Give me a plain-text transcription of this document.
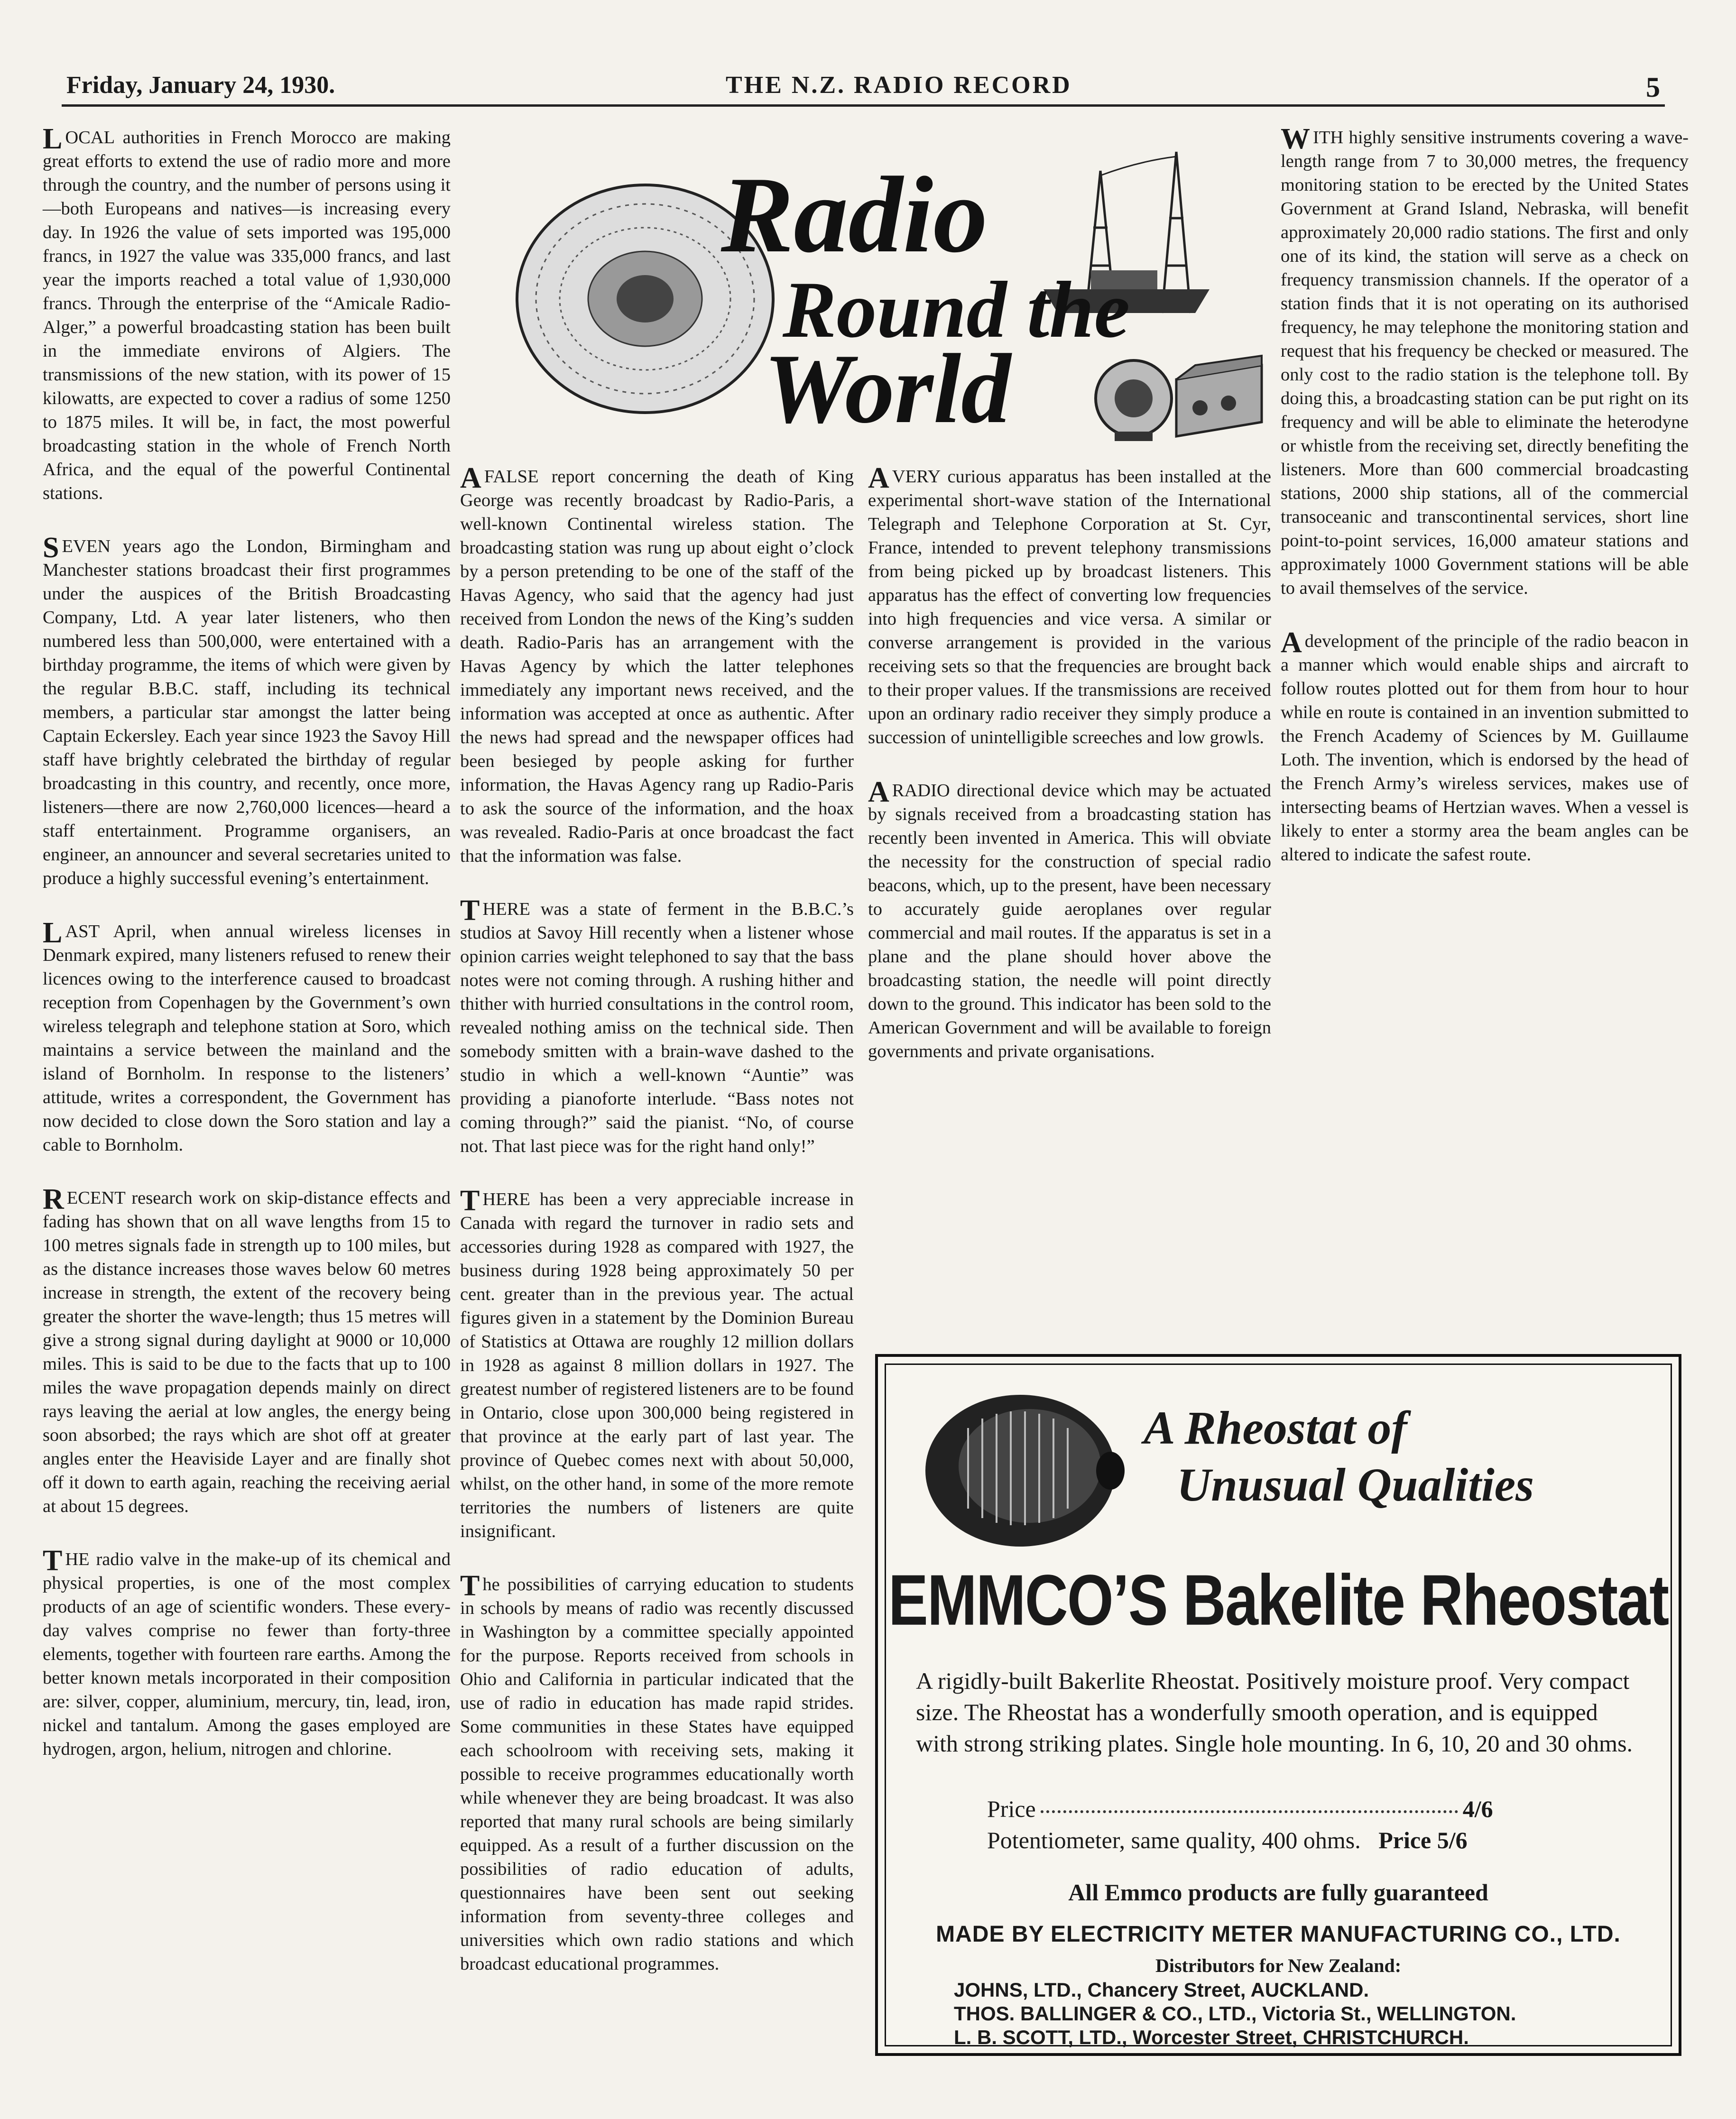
Friday, January 24, 1930.	THE N.Z. RADIO RECORD	5
Radio
Round the
World

LOCAL authorities in French Morocco are making great efforts to extend the use of radio more and more through the country, and the number of persons using it—both Europeans and natives—is increasing every day. In 1926 the value of sets imported was 195,000 francs, in 1927 the value was 335,000 francs, and last year the imports reached a total value of 1,930,000 francs. Through the enterprise of the “Amicale Radio-Alger,” a powerful broadcasting station has been built in the immediate environs of Algiers. The transmissions of the new station, with its power of 15 kilowatts, are expected to cover a radius of some 1250 to 1875 miles. It will be, in fact, the most powerful broadcasting station in the whole of French North Africa, and the equal of the powerful Continental stations.

SEVEN years ago the London, Birmingham and Manchester stations broadcast their first programmes under the auspices of the British Broadcasting Company, Ltd. A year later listeners, who then numbered less than 500,000, were entertained with a birthday programme, the items of which were given by the regular B.B.C. staff, including its technical members, a particular star amongst the latter being Captain Eckersley. Each year since 1923 the Savoy Hill staff have brightly celebrated the birthday of regular broadcasting in this country, and recently, once more, listeners—there are now 2,760,000 licences—heard a staff entertainment. Programme organisers, an engineer, an announcer and several secretaries united to produce a highly successful evening’s entertainment.

LAST April, when annual wireless licenses in Denmark expired, many listeners refused to renew their licences owing to the interference caused to broadcast reception from Copenhagen by the Government’s own wireless telegraph and telephone station at Soro, which maintains a service between the mainland and the island of Bornholm. In response to the listeners’ attitude, writes a correspondent, the Government has now decided to close down the Soro station and lay a cable to Bornholm.

RECENT research work on skip-distance effects and fading has shown that on all wave lengths from 15 to 100 metres signals fade in strength up to 100 miles, but as the distance increases those waves below 60 metres increase in strength, the extent of the recovery being greater the shorter the wave-length; thus 15 metres will give a strong signal during daylight at 9000 or 10,000 miles. This is said to be due to the facts that up to 100 miles the wave propagation depends mainly on direct rays leaving the aerial at low angles, the energy being soon absorbed; the rays which are shot off at greater angles enter the Heaviside Layer and are finally shot off it down to earth again, reaching the receiving aerial at about 15 degrees.

THE radio valve in the make-up of its chemical and physical properties, is one of the most complex products of an age of scientific wonders. These every-day valves comprise no fewer than forty-three elements, together with fourteen rare earths. Among the better known metals incorporated in their composition are: silver, copper, aluminium, mercury, tin, lead, iron, nickel and tantalum. Among the gases employed are hydrogen, argon, helium, nitrogen and chlorine.

AFALSE report concerning the death of King George was recently broadcast by Radio-Paris, a well-known Continental wireless station. The broadcasting station was rung up about eight o’clock by a person pretending to be one of the staff of the Havas Agency, who said that the agency had just received from London the news of the King’s sudden death. Radio-Paris has an arrangement with the Havas Agency by which the latter telephones immediately any important news received, and the information was accepted at once as authentic. After the news had spread and the newspaper offices had been besieged by people asking for further information, the Havas Agency rang up Radio-Paris to ask the source of the information, and the hoax was revealed. Radio-Paris at once broadcast the fact that the information was false.

THERE was a state of ferment in the B.B.C.’s studios at Savoy Hill recently when a listener whose opinion carries weight telephoned to say that the bass notes were not coming through. A rushing hither and thither with hurried consultations in the control room, revealed nothing amiss on the technical side. Then somebody smitten with a brain-wave dashed to the studio in which a well-known “Auntie” was providing a pianoforte interlude. “Bass notes not coming through?” said the pianist. “No, of course not. That last piece was for the right hand only!”

THERE has been a very appreciable increase in Canada with regard the turnover in radio sets and accessories during 1928 as compared with 1927, the business during 1928 being approximately 50 per cent. greater than in the previous year. The actual figures given in a statement by the Dominion Bureau of Statistics at Ottawa are roughly 12 million dollars in 1928 as against 8 million dollars in 1927. The greatest number of registered listeners are to be found in Ontario, close upon 300,000 being registered in that province at the early part of last year. The province of Quebec comes next with about 50,000, whilst, on the other hand, in some of the more remote territories the numbers of listeners are quite insignificant.

The possibilities of carrying education to students in schools by means of radio was recently discussed in Washington by a committee specially appointed for the purpose. Reports received from schools in Ohio and California in particular indicated that the use of radio in education has made rapid strides. Some communities in these States have equipped each schoolroom with receiving sets, making it possible to receive programmes educationally worth while whenever they are being broadcast. It was also reported that many rural schools are being similarly equipped. As a result of a further discussion on the possibilities of radio education of adults, questionnaires have been sent out seeking information from seventy-three colleges and universities which own radio stations and which broadcast educational programmes.

AVERY curious apparatus has been installed at the experimental short-wave station of the International Telegraph and Telephone Corporation at St. Cyr, France, intended to prevent telephony transmissions from being picked up by broadcast listeners. This apparatus has the effect of converting low frequencies into high frequencies and vice versa. A similar or converse arrangement is provided in the various receiving sets so that the frequencies are brought back to their proper values. If the transmissions are received upon an ordinary radio receiver they simply produce a succession of unintelligible screeches and low growls.

ARADIO directional device which may be actuated by signals received from a broadcasting station has recently been invented in America. This will obviate the necessity for the construction of special radio beacons, which, up to the present, have been necessary to accurately guide aeroplanes over regular commercial and mail routes. If the apparatus is set in a plane and the plane should hover above the broadcasting station, the needle will point directly down to the ground. This indicator has been sold to the American Government and will be available to foreign governments and private organisations.

WITH highly sensitive instruments covering a wave-length range from 7 to 30,000 metres, the frequency monitoring station to be erected by the United States Government at Grand Island, Nebraska, will benefit approximately 20,000 radio stations. The first and only one of its kind, the station will serve as a check on frequency transmission channels. If the operator of a station finds that it is not operating on its authorised frequency, he may telephone the monitoring station and request that his frequency be checked or measured. The only cost to the radio station is the telephone toll. By doing this, a broadcasting station can be put right on its frequency and will be able to eliminate the heterodyne or whistle from the receiving set, directly benefiting the listeners. More than 600 commercial broadcasting stations, 2000 ship stations, all of the commercial transoceanic and transcontinental services, short line point-to-point services, 16,000 amateur stations and approximately 1000 Government stations will be able to avail themselves of the service.

Adevelopment of the principle of the radio beacon in a manner which would enable ships and aircraft to follow routes plotted out for them from hour to hour while en route is contained in an invention submitted to the French Academy of Sciences by M. Guillaume Loth. The invention, which is endorsed by the head of the French Army’s wireless services, makes use of intersecting beams of Hertzian waves. When a vessel is likely to enter a stormy area the beam angles can be altered to indicate the safest route.

A Rheostat of
Unusual Qualities
EMMCO’S Bakelite Rheostat
A rigidly-built Bakerlite Rheostat. Positively moisture proof. Very compact size. The Rheostat has a wonderfully smooth operation, and is equipped with strong striking plates. Single hole mounting. In 6, 10, 20 and 30 ohms.
Price	4/6
Potentiometer, same quality, 400 ohms. Price 5/6
All Emmco products are fully guaranteed
MADE BY ELECTRICITY METER MANUFACTURING CO., LTD.
Distributors for New Zealand:
JOHNS, LTD., Chancery Street, AUCKLAND.
THOS. BALLINGER & CO., LTD., Victoria St., WELLINGTON.
L. B. SCOTT, LTD., Worcester Street, CHRISTCHURCH.
